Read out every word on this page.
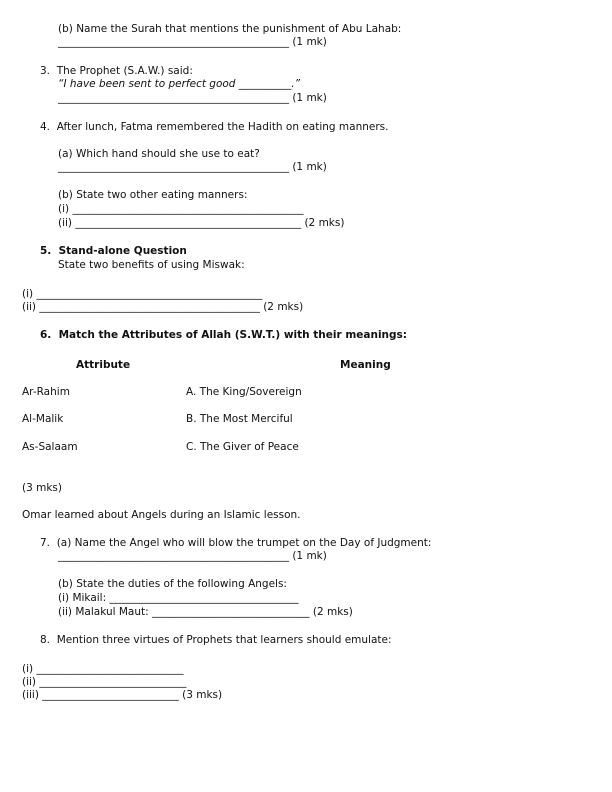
(b) Name the Surah that mentions the punishment of Abu Lahab:
____________________________________________ (1 mk)
3.  The Prophet (S.A.W.) said:
“I have been sent to perfect good __________.”
____________________________________________ (1 mk)
4.  After lunch, Fatma remembered the Hadith on eating manners.
(a) Which hand should she use to eat?
____________________________________________ (1 mk)
(b) State two other eating manners:
(i) ____________________________________________
(ii) ___________________________________________ (2 mks)
5.  Stand-alone Question
State two benefits of using Miswak:
(i) ___________________________________________
(ii) __________________________________________ (2 mks)
6.  Match the Attributes of Allah (S.W.T.) with their meanings:
Attribute	Meaning
Ar-Rahim	A. The King/Sovereign
Al-Malik	B. The Most Merciful
As-Salaam	C. The Giver of Peace
(3 mks)
Omar learned about Angels during an Islamic lesson.
7.  (a) Name the Angel who will blow the trumpet on the Day of Judgment:
____________________________________________ (1 mk)
(b) State the duties of the following Angels:
(i) Mikail: ____________________________________
(ii) Malakul Maut: ______________________________ (2 mks)
8.  Mention three virtues of Prophets that learners should emulate:
(i) ____________________________
(ii) ____________________________
(iii) __________________________ (3 mks)
